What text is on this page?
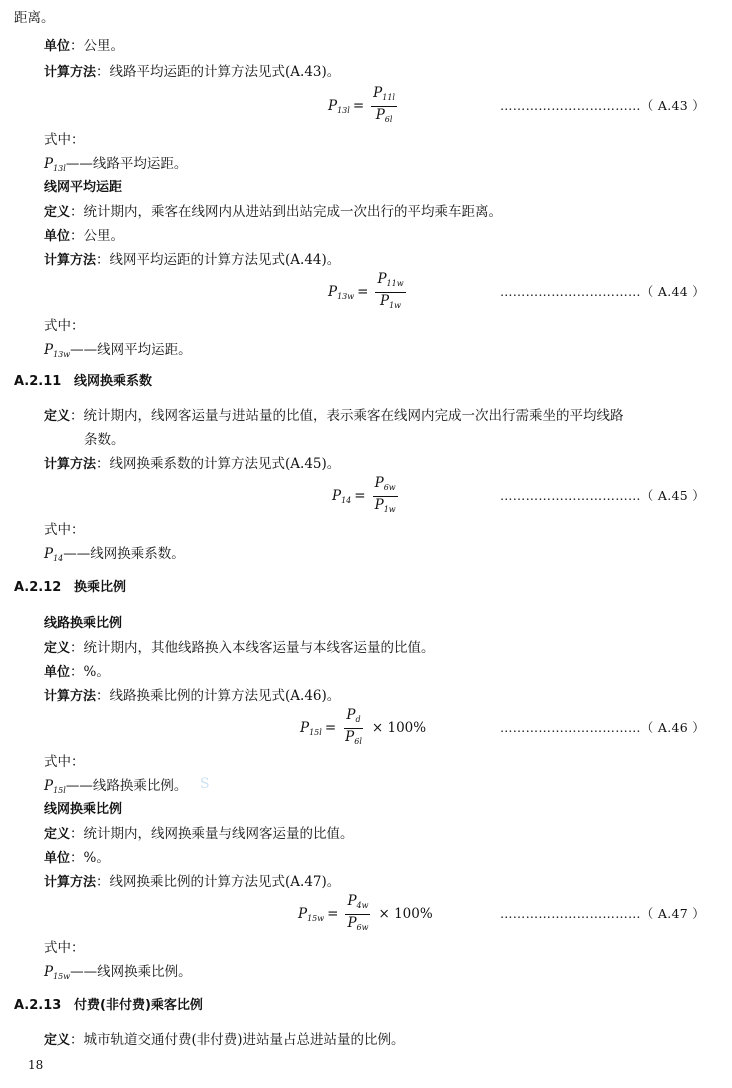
距离。
单位：公里。
计算方法：线路平均运距的计算方法见式(A.43)。
$P_{13l} = \frac{P_{11l}}{P_{6l}}$	……………………………（ A.43 ）
式中：
$P_{13l}——$线路平均运距。
线网平均运距
定义：统计期内，乘客在线网内从进站到出站完成一次出行的平均乘车距离。
单位：公里。
计算方法：线网平均运距的计算方法见式(A.44)。
$P_{13w} = \frac{P_{11w}}{P_{1w}}$	……………………………（ A.44 ）
式中：
$P_{13w}——$线网平均运距。
A.2.11 线网换乘系数
定义：统计期内，线网客运量与进站量的比值，表示乘客在线网内完成一次出行需乘坐的平均线路
条数。
计算方法：线网换乘系数的计算方法见式(A.45)。
$P_{14} = \frac{P_{6w}}{P_{1w}}$	……………………………（ A.45 ）
式中：
$P_{14}——$线网换乘系数。
A.2.12 换乘比例
线路换乘比例
定义：统计期内，其他线路换入本线客运量与本线客运量的比值。
单位：%。
计算方法：线路换乘比例的计算方法见式(A.46)。
$P_{15l} = \frac{P_d}{P_{6l}} \times 100\%$	……………………………（ A.46 ）
式中：
$P_{15l}——$线路换乘比例。 S
线网换乘比例
定义：统计期内，线网换乘量与线网客运量的比值。
单位：%。
计算方法：线网换乘比例的计算方法见式(A.47)。
$P_{15w} = \frac{P_{4w}}{P_{6w}} \times 100\%$	……………………………（ A.47 ）
式中：
$P_{15w}——$线网换乘比例。
A.2.13 付费(非付费)乘客比例
定义：城市轨道交通付费(非付费)进站量占总进站量的比例。
18
